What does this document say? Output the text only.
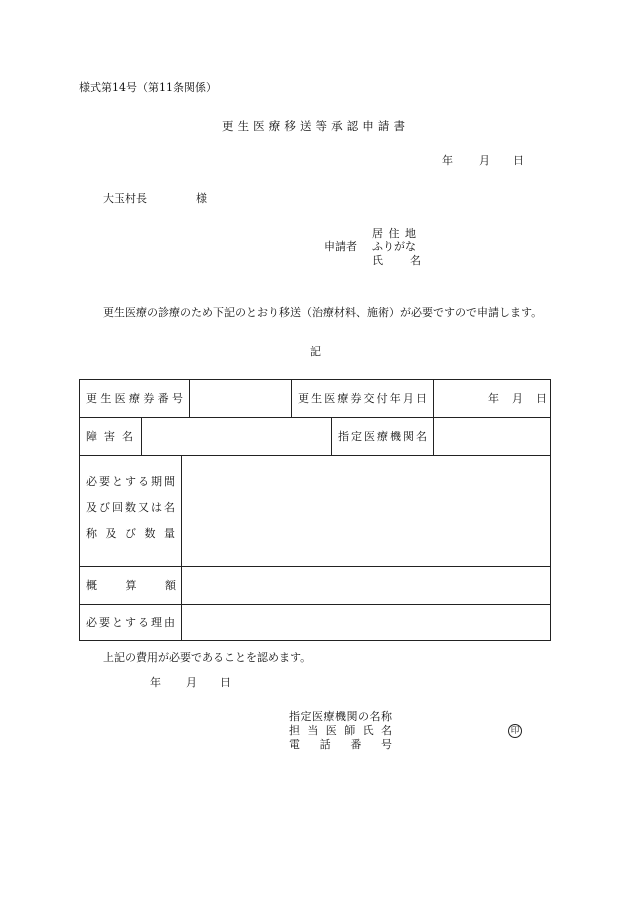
様式第14号（第11条関係）
更 生 医 療 移 送 等 承 認 申 請 書
年 月 日
大玉村長	様
居 住 地
申請者 ふりがな
氏　　名
更生医療の診療のため下記のとおり移送（治療材料、施術）が必要ですので申請します。
記
更生医療券番号	更生医療券交付年月日	年 月 日
障 害 名	指定医療機関名
必要とする期間
及び回数又は名
称 及 び 数 量
概　　算　　額
必要とする理由
上記の費用が必要であることを認めます。
年 月 日
指定医療機関の名称
担 当 医 師 氏 名
電　話　番　号
印
